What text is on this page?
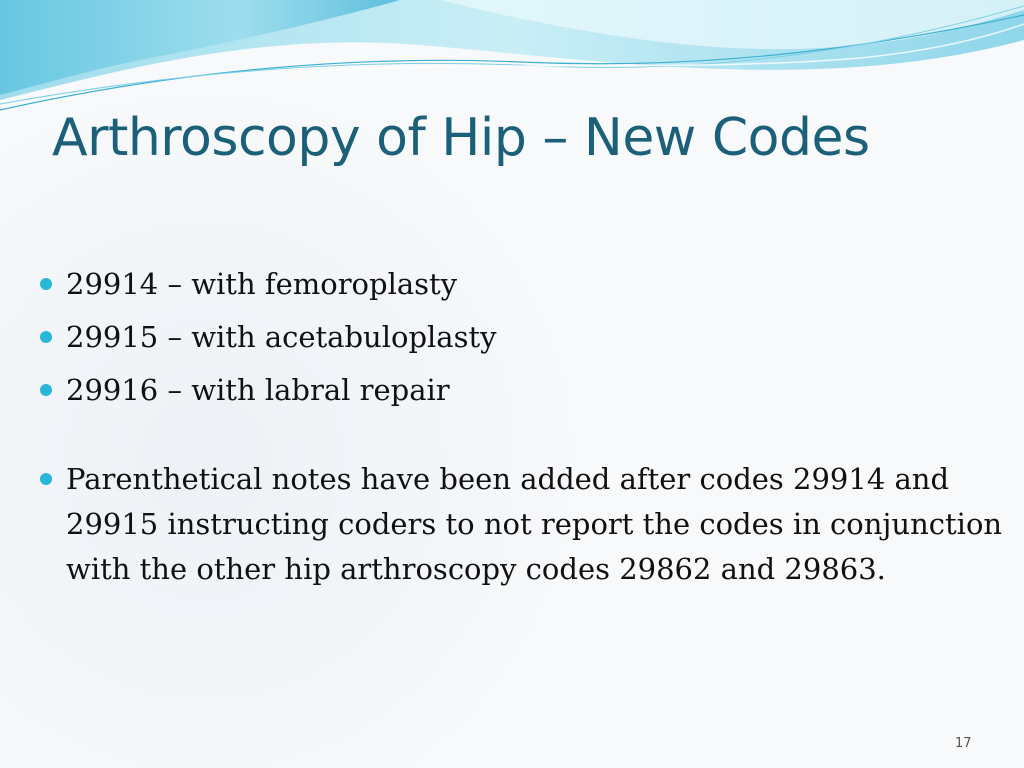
Arthroscopy of Hip – New Codes
29914 – with femoroplasty
29915 – with acetabuloplasty
29916 – with labral repair
Parenthetical notes have been added after codes 29914 and 29915 instructing coders to not report the codes in conjunction with the other hip arthroscopy codes 29862 and 29863.
17
